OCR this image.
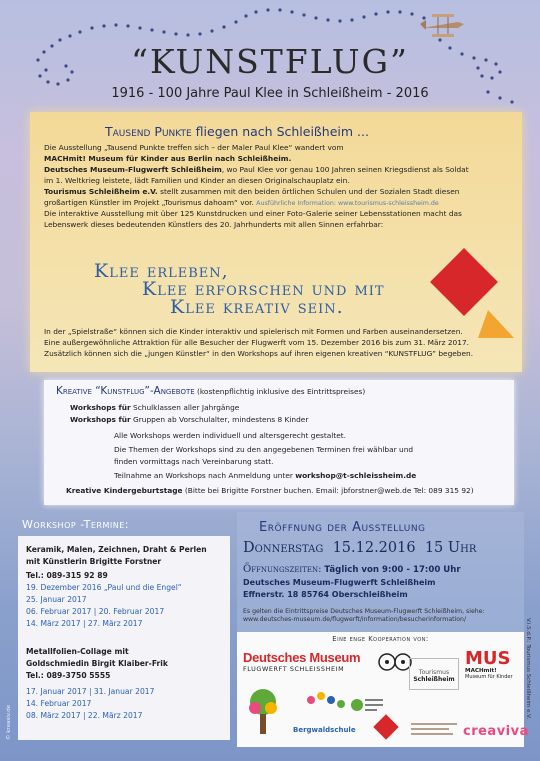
“KUNSTFLUG”
1916 - 100 Jahre Paul Klee in Schleißheim - 2016
Tausend Punkte fliegen nach Schleißheim ...
Die Ausstellung „Tausend Punkte treffen sich – der Maler Paul Klee“ wandert vom
MACHmit! Museum für Kinder aus Berlin nach Schleißheim.
Deutsches Museum-Flugwerft Schleißheim, wo Paul Klee vor genau 100 Jahren seinen Kriegsdienst als Soldat
im 1. Weltkrieg leistete, lädt Familien und Kinder an diesen Originalschauplatz ein.
Tourismus Schleißheim e.V. stellt zusammen mit den beiden örtlichen Schulen und der Sozialen Stadt diesen
großartigen Künstler im Projekt „Tourismus dahoam“ vor. Ausführliche Information: www.tourismus-schleissheim.de
Die interaktive Ausstellung mit über 125 Kunstdrucken und einer Foto-Galerie seiner Lebensstationen macht das
Lebenswerk dieses bedeutenden Künstlers des 20. Jahrhunderts mit allen Sinnen erfahrbar:
Klee erleben,
Klee erforschen und mit
Klee kreativ sein.
In der „Spielstraße“ können sich die Kinder interaktiv und spielerisch mit Formen und Farben auseinandersetzen.
Eine außergewöhnliche Attraktion für alle Besucher der Flugwerft vom 15. Dezember 2016 bis zum 31. März 2017.
Zusätzlich können sich die „jungen Künstler“ in den Workshops auf ihren eigenen kreativen “KUNSTFLUG” begeben.
Kreative “Kunstflug”-Angebote (kostenpflichtig inklusive des Eintrittspreises)
Workshops für Schulklassen aller Jahrgänge
Workshops für Gruppen ab Vorschulalter, mindestens 8 Kinder
Alle Workshops werden individuell und altersgerecht gestaltet.
Die Themen der Workshops sind zu den angegebenen Terminen frei wählbar und
finden vormittags nach Vereinbarung statt.
Teilnahme an Workshops nach Anmeldung unter workshop@t-schleissheim.de
Kreative Kindergeburtstage (Bitte bei Brigitte Forstner buchen. Email: jbforstner@web.de Tel: 089 315 92)
Workshop -Termine:
Keramik, Malen, Zeichnen, Draht & Perlen
mit Künstlerin Brigitte Forstner
Tel.: 089-315 92 89
19. Dezember 2016 „Paul und die Engel“
25. Januar 2017
06. Februar 2017 | 20. Februar 2017
14. März 2017 | 27. März 2017
Metallfolien-Collage mit
Goldschmiedin Birgit Klaiber-Frik
Tel.: 089-3750 5555
17. Januar 2017 | 31. Januar 2017
14. Februar 2017
08. März 2017 | 22. März 2017
Eröffnung der Ausstellung
Donnerstag 15.12.2016 15 Uhr
Öffnungszeiten: Täglich von 9:00 - 17:00 Uhr
Deutsches Museum-Flugwerft Schleißheim
Effnerstr. 18 85764 Oberschleißheim
Es gelten die Eintrittspreise Deutsches Museum-Flugwerft Schleißheim, siehe:
www.deutsches-museum.de/flugwerft/information/besucherinformation/
Eine enge Kooperation von:
Deutsches Museum
FLUGWERFT SCHLEISSHEIM	Tourismus
Schleißheim
MUS
MACHmit!
Museum für Kinder
Bergwaldschule	creaviva
V.i.S.d.P.: Tourismus Schleißheim e.V.
© kreasiv.de
